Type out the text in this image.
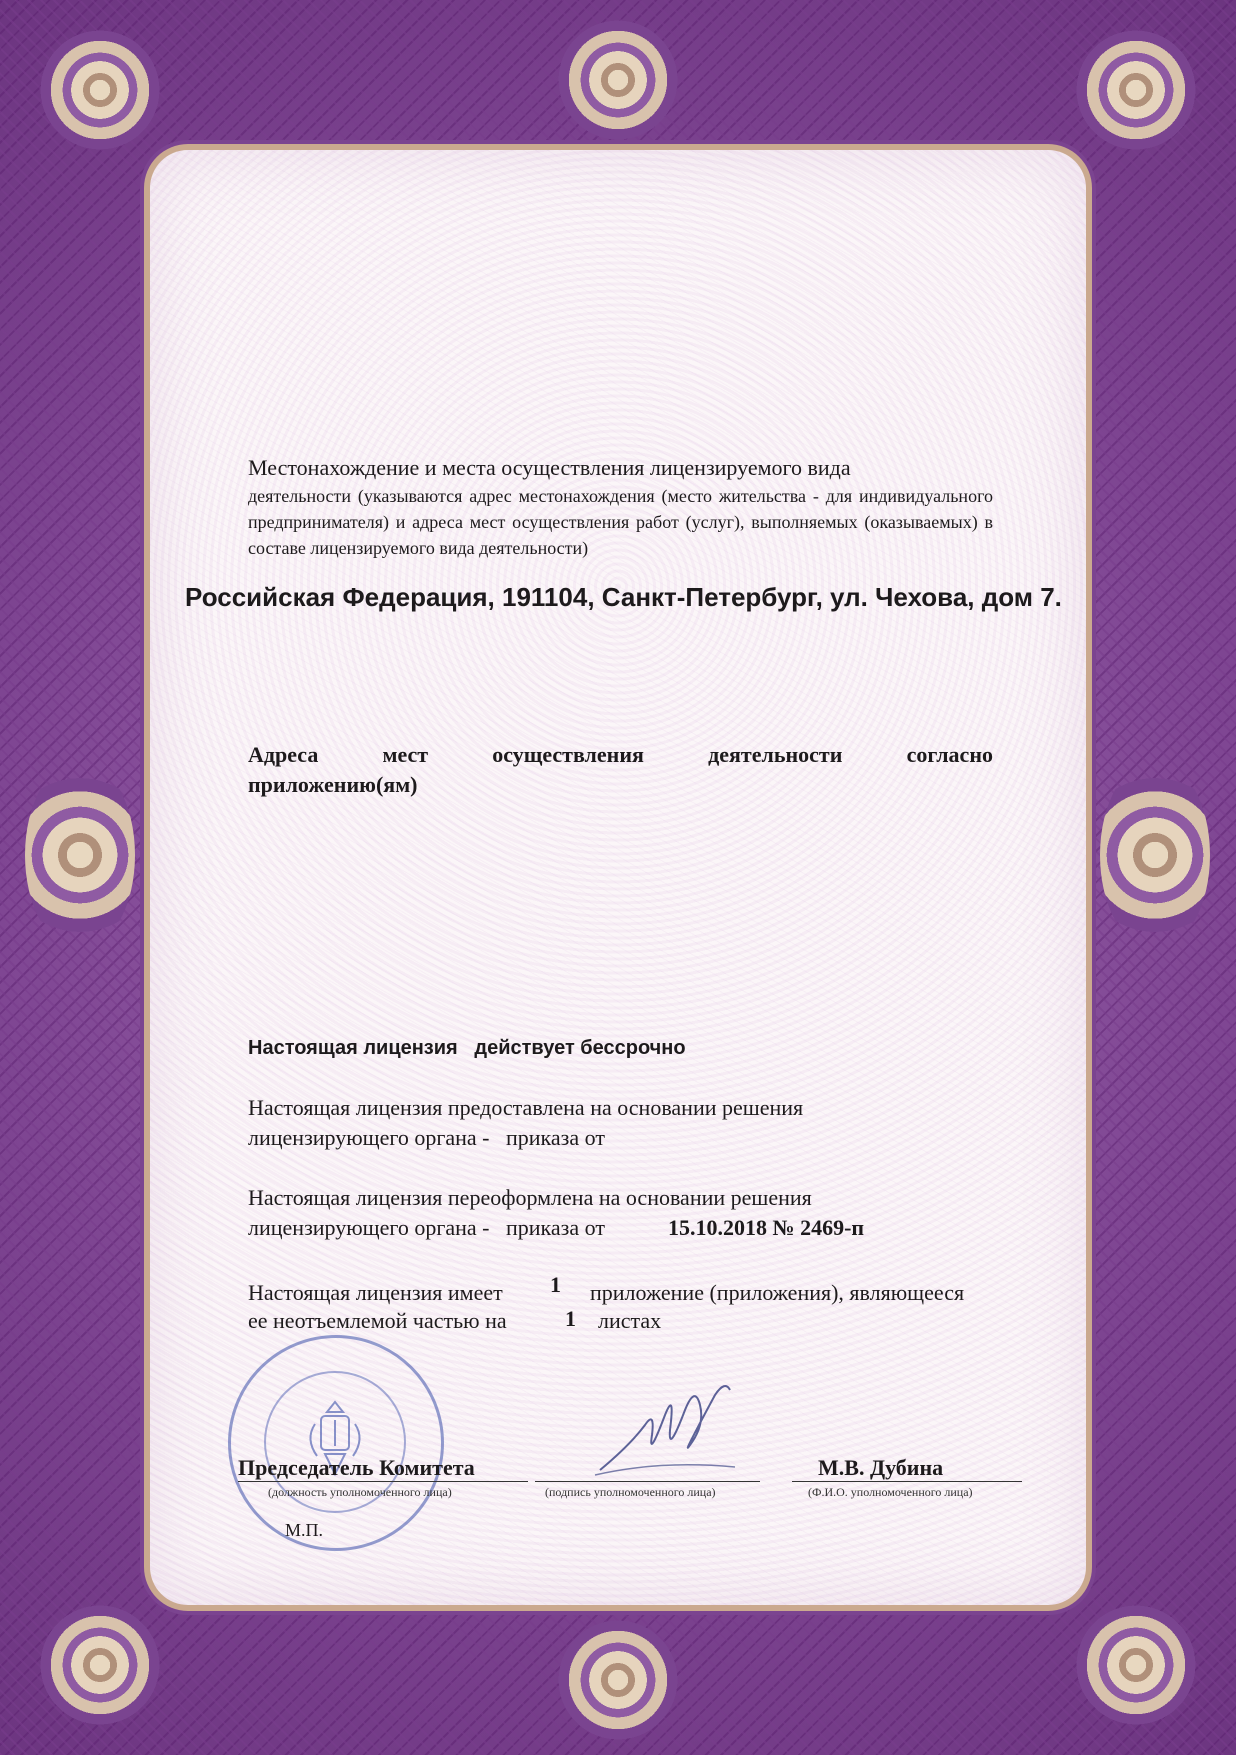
Местонахождение и места осуществления лицензируемого вида
деятельности (указываются адрес местонахождения (место жительства - для индивидуального предпринимателя) и адреса мест осуществления работ (услуг), выполняемых (оказываемых) в составе лицензируемого вида деятельности)
Российская Федерация, 191104, Санкт-Петербург, ул. Чехова, дом 7.
Адреса мест осуществления деятельности согласно
приложению(ям)
Настоящая лицензия действует бессрочно
Настоящая лицензия предоставлена на основании решения
лицензирующего органа -   приказа от
Настоящая лицензия переоформлена на основании решения
лицензирующего органа -   приказа от	15.10.2018 № 2469-п
Настоящая лицензия имеет 1 приложение (приложения), являющееся
ее неотъемлемой частью на	1 листах
Председатель Комитета
(должность уполномоченного лица)	(подпись уполномоченного лица)
М.В. Дубина
(Ф.И.О. уполномоченного лица)
М.П.
